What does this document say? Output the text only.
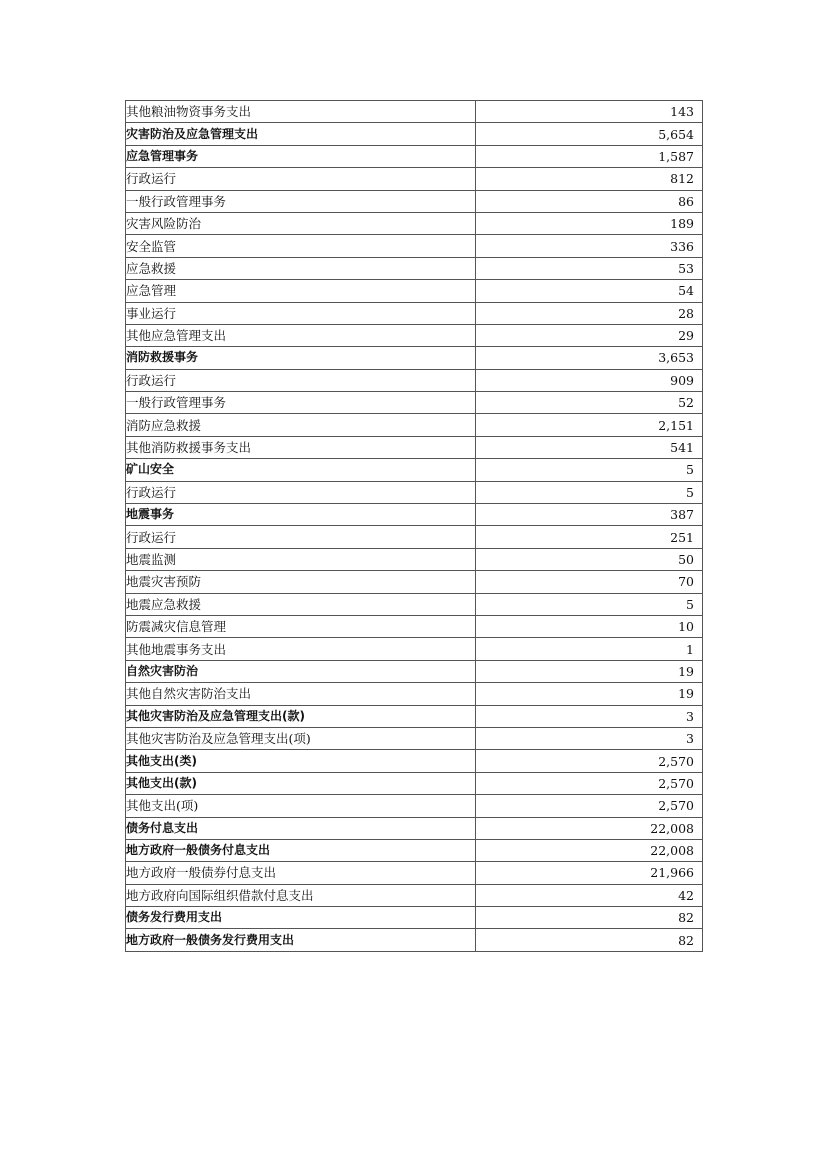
其他粮油物资事务支出	143
灾害防治及应急管理支出	5,654
应急管理事务	1,587
行政运行	812
一般行政管理事务	86
灾害风险防治	189
安全监管	336
应急救援	53
应急管理	54
事业运行	28
其他应急管理支出	29
消防救援事务	3,653
行政运行	909
一般行政管理事务	52
消防应急救援	2,151
其他消防救援事务支出	541
矿山安全	5
行政运行	5
地震事务	387
行政运行	251
地震监测	50
地震灾害预防	70
地震应急救援	5
防震减灾信息管理	10
其他地震事务支出	1
自然灾害防治	19
其他自然灾害防治支出	19
其他灾害防治及应急管理支出(款)	3
其他灾害防治及应急管理支出(项)	3
其他支出(类)	2,570
其他支出(款)	2,570
其他支出(项)	2,570
债务付息支出	22,008
地方政府一般债务付息支出	22,008
地方政府一般债券付息支出	21,966
地方政府向国际组织借款付息支出	42
债务发行费用支出	82
地方政府一般债务发行费用支出	82
